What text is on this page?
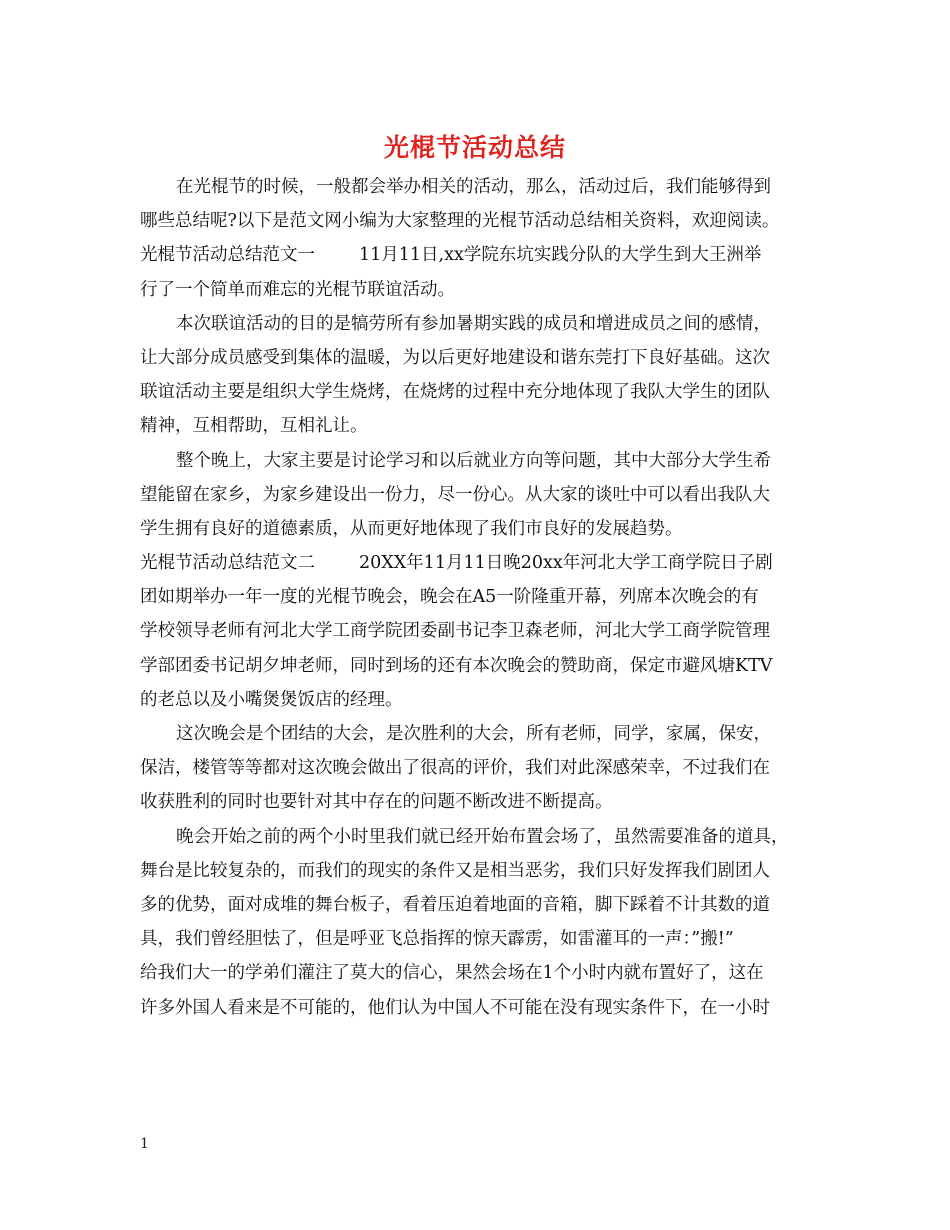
光棍节活动总结
在光棍节的时候，一般都会举办相关的活动，那么，活动过后，我们能够得到
哪些总结呢?以下是范文网小编为大家整理的光棍节活动总结相关资料，欢迎阅读。
光棍节活动总结范文一	11月11日,xx学院东坑实践分队的大学生到大王洲举
行了一个简单而难忘的光棍节联谊活动。
本次联谊活动的目的是犒劳所有参加暑期实践的成员和增进成员之间的感情，
让大部分成员感受到集体的温暖，为以后更好地建设和谐东莞打下良好基础。这次
联谊活动主要是组织大学生烧烤，在烧烤的过程中充分地体现了我队大学生的团队
精神，互相帮助，互相礼让。
整个晚上，大家主要是讨论学习和以后就业方向等问题，其中大部分大学生希
望能留在家乡，为家乡建设出一份力，尽一份心。从大家的谈吐中可以看出我队大
学生拥有良好的道德素质，从而更好地体现了我们市良好的发展趋势。
光棍节活动总结范文二	20XX年11月11日晚20xx年河北大学工商学院日子剧
团如期举办一年一度的光棍节晚会，晚会在A5一阶隆重开幕，列席本次晚会的有
学校领导老师有河北大学工商学院团委副书记李卫森老师，河北大学工商学院管理
学部团委书记胡夕坤老师，同时到场的还有本次晚会的赞助商，保定市避风塘KTV
的老总以及小嘴煲煲饭店的经理。
这次晚会是个团结的大会，是次胜利的大会，所有老师，同学，家属，保安，
保洁，楼管等等都对这次晚会做出了很高的评价，我们对此深感荣幸，不过我们在
收获胜利的同时也要针对其中存在的问题不断改进不断提高。
晚会开始之前的两个小时里我们就已经开始布置会场了，虽然需要准备的道具，
舞台是比较复杂的，而我们的现实的条件又是相当恶劣，我们只好发挥我们剧团人
多的优势，面对成堆的舞台板子，看着压迫着地面的音箱，脚下踩着不计其数的道
具，我们曾经胆怯了，但是呼亚飞总指挥的惊天霹雳，如雷灌耳的一声：”搬!”
给我们大一的学弟们灌注了莫大的信心，果然会场在1个小时内就布置好了，这在
许多外国人看来是不可能的，他们认为中国人不可能在没有现实条件下，在一小时
1
